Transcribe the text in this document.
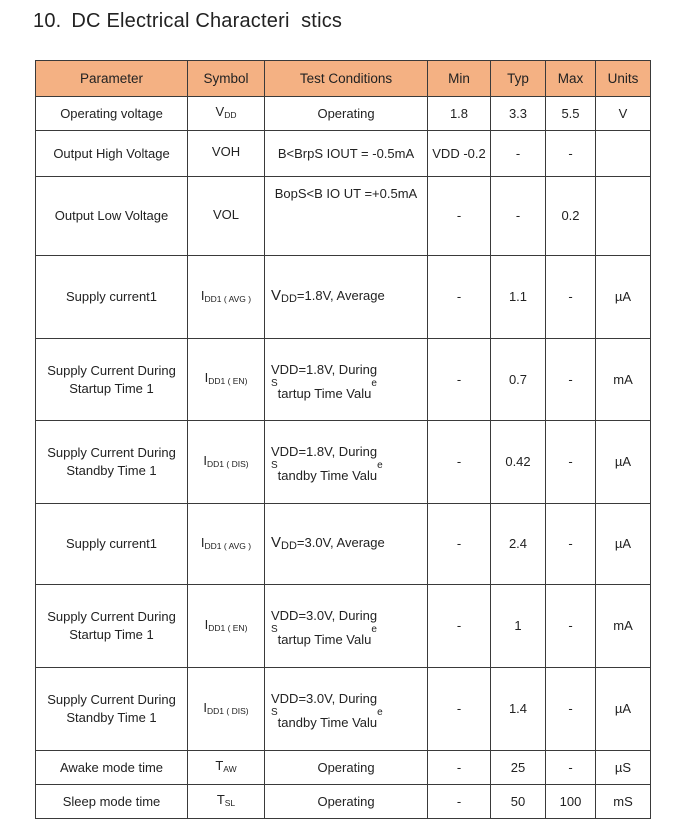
10. DC Electrical Characteri  stics
Parameter	Symbol	Test Conditions	Min	Typ	Max	Units
Operating voltage	$V_{DD}$	Operating	1.8	3.3	5.5	V
Output High Voltage	VOH	B<BrpS IOUT = -0.5mA	VDD -0.2	-	-	
Output Low Voltage	VOL	BopS<B IO UT =+0.5mA	-	-	0.2	
Supply current1	$I_{DD1 ( AVG )}$	VDD=1.8V, Average	-	1.1	-	µA
Supply Current During Startup Time 1	$I_{DD1 ( EN)}$	VDD=1.8V, During
$^S$tartup Time Valu$^e$	-	0.7	-	mA
Supply Current During Standby Time 1	$I_{DD1 ( DIS)}$	VDD=1.8V, During
$^S$tandby Time Valu$^e$	-	0.42	-	µA
Supply current1	$I_{DD1 ( AVG )}$	VDD=3.0V, Average	-	2.4	-	µA
Supply Current During Startup Time 1	$I_{DD1 ( EN)}$	VDD=3.0V, During
$^S$tartup Time Valu$^e$	-	1	-	mA
Supply Current During Standby Time 1	$I_{DD1 ( DIS)}$	VDD=3.0V, During
$^S$tandby Time Valu$^e$	-	1.4	-	µA
Awake mode time	$T_{AW}$	Operating	-	25	-	µS
Sleep mode time	$T_{SL}$	Operating	-	50	100	mS
